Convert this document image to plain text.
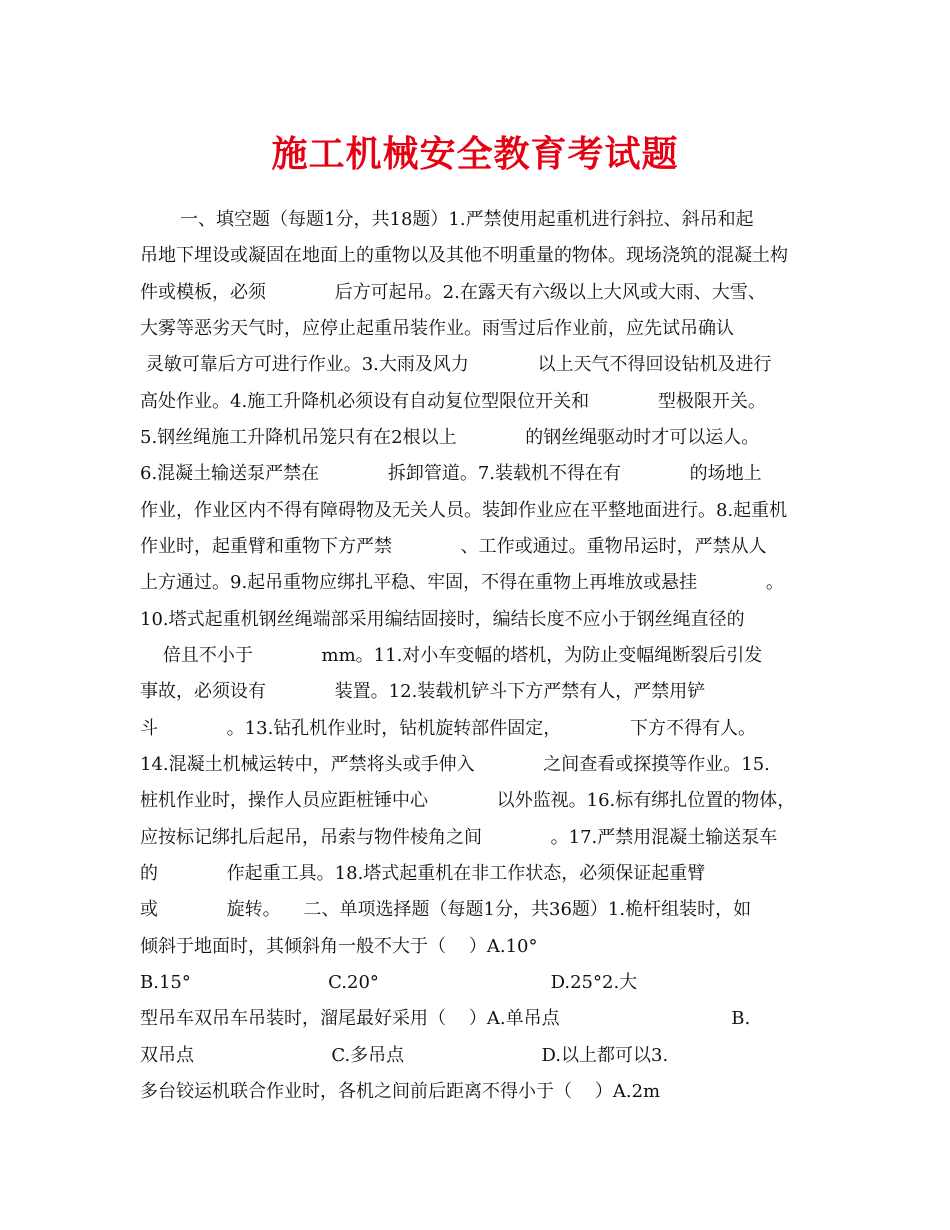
施工机械安全教育考试题
一、填空题（每题1分，共18题）1.严禁使用起重机进行斜拉、斜吊和起
吊地下埋设或凝固在地面上的重物以及其他不明重量的物体。现场浇筑的混凝土构
件或模板，必须            后方可起吊。2.在露天有六级以上大风或大雨、大雪、
大雾等恶劣天气时，应停止起重吊装作业。雨雪过后作业前，应先试吊确认
灵敏可靠后方可进行作业。3.大雨及风力            以上天气不得回设钻机及进行
高处作业。4.施工升降机必须设有自动复位型限位开关和            型极限开关。
5.钢丝绳施工升降机吊笼只有在2根以上            的钢丝绳驱动时才可以运人。
6.混凝土输送泵严禁在            拆卸管道。7.装载机不得在有            的场地上
作业，作业区内不得有障碍物及无关人员。装卸作业应在平整地面进行。8.起重机
作业时，起重臂和重物下方严禁            、工作或通过。重物吊运时，严禁从人
上方通过。9.起吊重物应绑扎平稳、牢固，不得在重物上再堆放或悬挂            。
10.塔式起重机钢丝绳端部采用编结固接时，编结长度不应小于钢丝绳直径的
倍且不小于            mm。11.对小车变幅的塔机，为防止变幅绳断裂后引发
事故，必须设有            装置。12.装载机铲斗下方严禁有人，严禁用铲
斗            。13.钻孔机作业时，钻机旋转部件固定，            下方不得有人。
14.混凝土机械运转中，严禁将头或手伸入            之间查看或探摸等作业。15.
桩机作业时，操作人员应距桩锤中心            以外监视。16.标有绑扎位置的物体，
应按标记绑扎后起吊，吊索与物件棱角之间            。17.严禁用混凝土输送泵车
的            作起重工具。18.塔式起重机在非工作状态，必须保证起重臂
或            旋转。    二、单项选择题（每题1分，共36题）1.桅杆组装时，如
倾斜于地面时，其倾斜角一般不大于（    ）A.10°
B.15°                        C.20°                              D.25°2.大
型吊车双吊车吊装时，溜尾最好采用（    ）A.单吊点                              B.
双吊点                        C.多吊点                        D.以上都可以3.
多台铰运机联合作业时，各机之间前后距离不得小于（    ）A.2m
